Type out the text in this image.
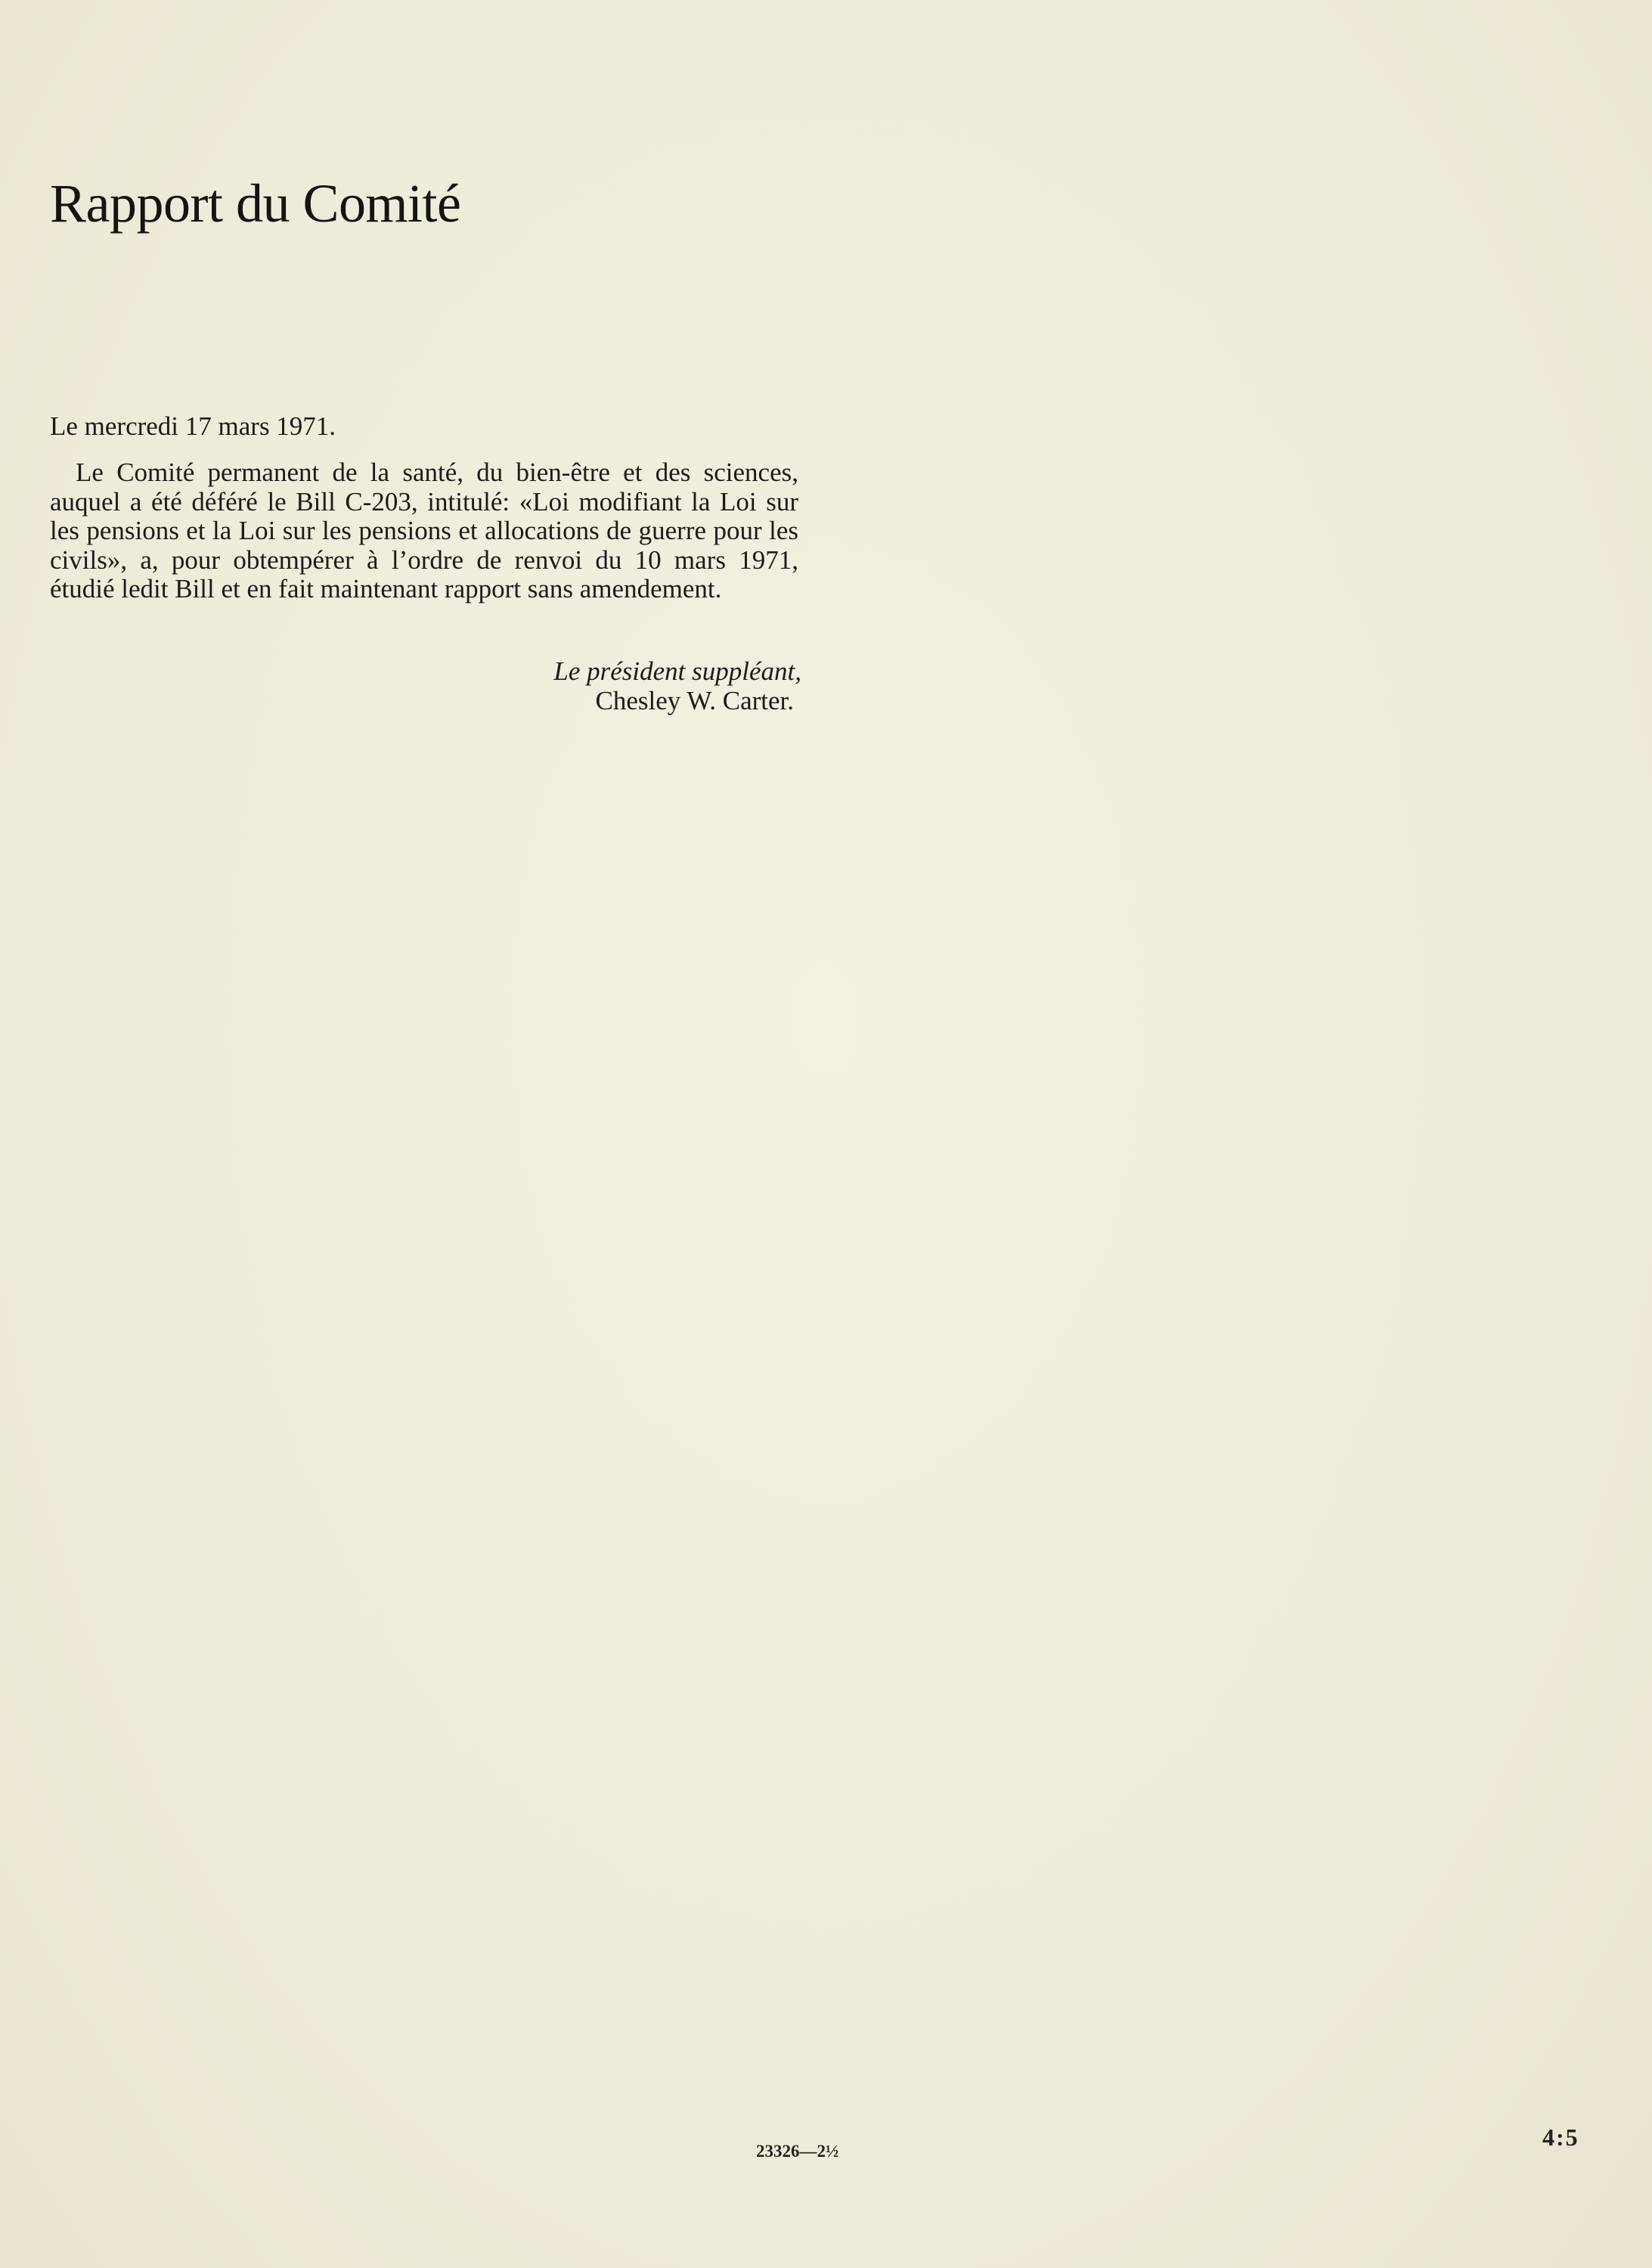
Rapport du Comité

Le mercredi 17 mars 1971.

Le Comité permanent de la santé, du bien-être et des sciences, auquel a été déféré le Bill C-203, intitulé: «Loi modifiant la Loi sur les pensions et la Loi sur les pensions et allocations de guerre pour les civils», a, pour obtempérer à l’ordre de renvoi du 10 mars 1971, étudié ledit Bill et en fait maintenant rapport sans amendement.

Le président suppléant,
Chesley W. Carter.
23326—2½
4:5
